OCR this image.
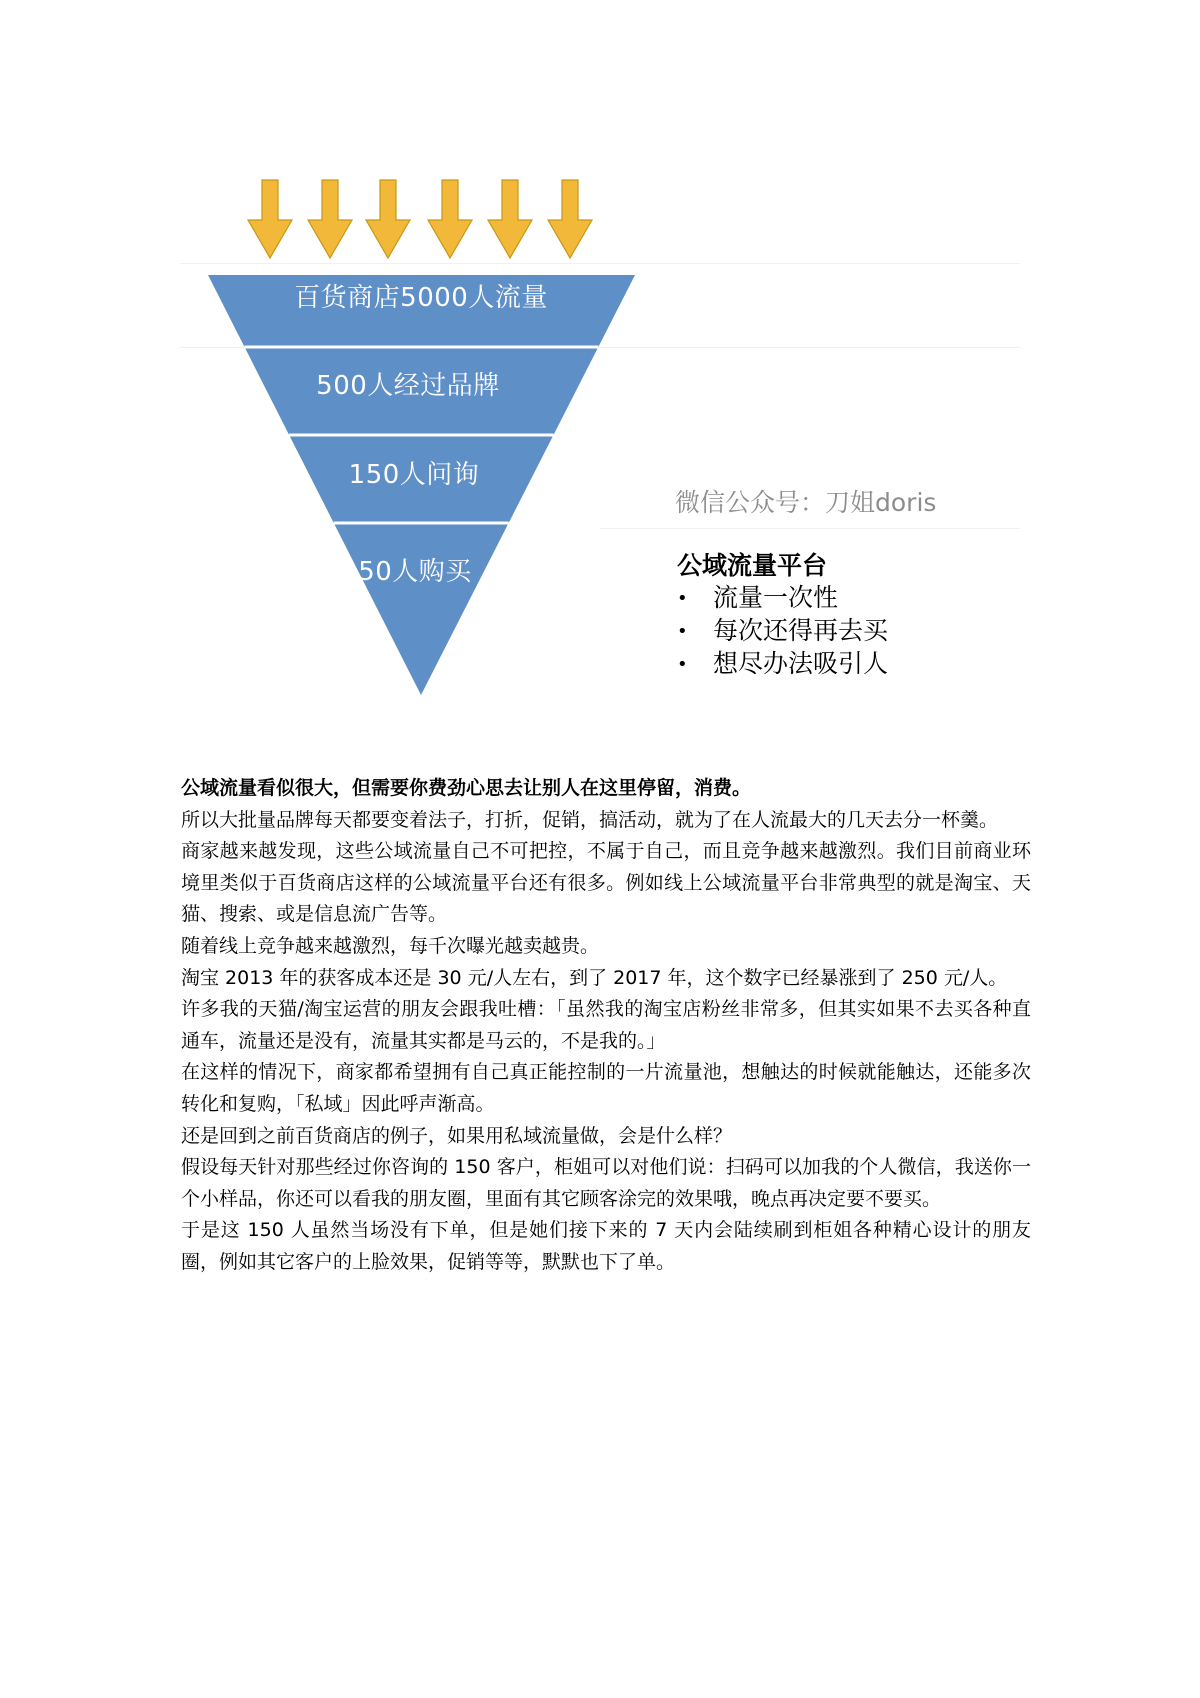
百货商店5000人流量
500人经过品牌
150人问询
50人购买
微信公众号：刀姐doris
公域流量平台
• 流量一次性
• 每次还得再去买
• 想尽办法吸引人

公域流量看似很大，但需要你费劲心思去让别人在这里停留，消费。

所以大批量品牌每天都要变着法子，打折，促销，搞活动，就为了在人流最大的几天去分一杯羹。

商家越来越发现，这些公域流量自己不可把控，不属于自己，而且竞争越来越激烈。我们目前商业环境里类似于百货商店这样的公域流量平台还有很多。例如线上公域流量平台非常典型的就是淘宝、天猫、搜索、或是信息流广告等。

随着线上竞争越来越激烈，每千次曝光越卖越贵。

淘宝 2013 年的获客成本还是 30 元/人左右，到了 2017 年，这个数字已经暴涨到了 250 元/人。

许多我的天猫/淘宝运营的朋友会跟我吐槽：「虽然我的淘宝店粉丝非常多，但其实如果不去买各种直通车，流量还是没有，流量其实都是马云的，不是我的。」

在这样的情况下，商家都希望拥有自己真正能控制的一片流量池，想触达的时候就能触达，还能多次转化和复购，「私域」因此呼声渐高。

还是回到之前百货商店的例子，如果用私域流量做，会是什么样？

假设每天针对那些经过你咨询的 150 客户，柜姐可以对他们说：扫码可以加我的个人微信，我送你一个小样品，你还可以看我的朋友圈，里面有其它顾客涂完的效果哦，晚点再决定要不要买。

于是这 150 人虽然当场没有下单，但是她们接下来的 7 天内会陆续刷到柜姐各种精心设计的朋友圈，例如其它客户的上脸效果，促销等等，默默也下了单。
